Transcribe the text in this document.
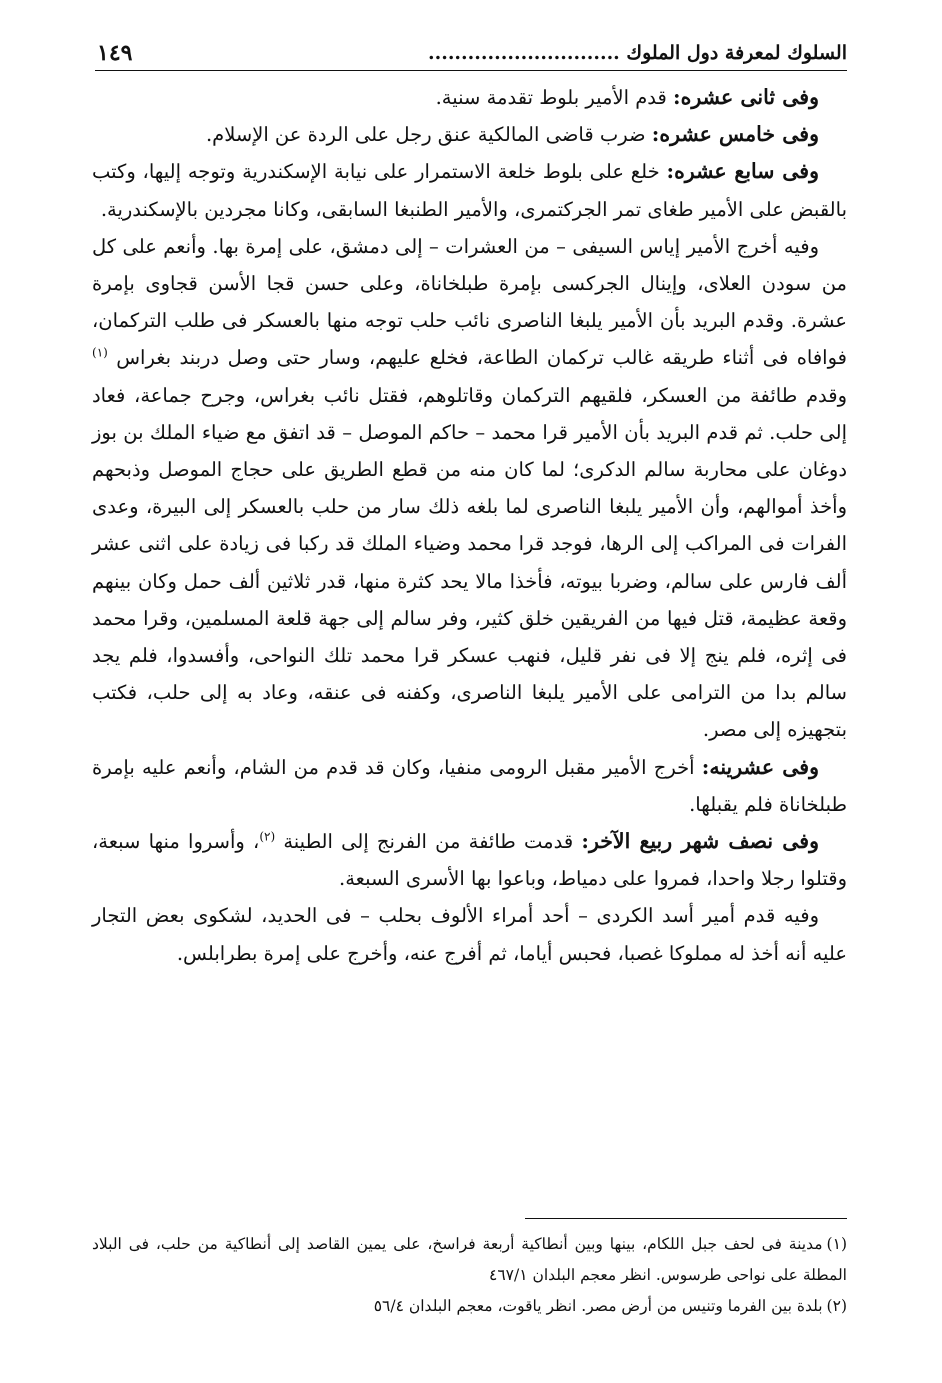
السلوك لمعرفة دول الملوك .............................
١٤٩

وفى ثانى عشره: قدم الأمير بلوط تقدمة سنية.

وفى خامس عشره: ضرب قاضى المالكية عنق رجل على الردة عن الإسلام.

وفى سابع عشره: خلع على بلوط خلعة الاستمرار على نيابة الإسكندرية وتوجه إليها، وكتب بالقبض على الأمير طغاى تمر الجركتمرى، والأمير الطنبغا السابقى، وكانا مجردين بالإسكندرية.

وفيه أخرج الأمير إياس السيفى – من العشرات – إلى دمشق، على إمرة بها. وأنعم على كل من سودن العلاى، وإينال الجركسى بإمرة طبلخاناة، وعلى حسن قجا الأسن قجاوى بإمرة عشرة. وقدم البريد بأن الأمير يلبغا الناصرى نائب حلب توجه منها بالعسكر فى طلب التركمان، فوافاه فى أثناء طريقه غالب تركمان الطاعة، فخلع عليهم، وسار حتى وصل دربند بغراس $^{(١)}$ وقدم طائفة من العسكر، فلقيهم التركمان وقاتلوهم، فقتل نائب بغراس، وجرح جماعة، فعاد إلى حلب. ثم قدم البريد بأن الأمير قرا محمد – حاكم الموصل – قد اتفق مع ضياء الملك بن بوز دوغان على محاربة سالم الدكرى؛ لما كان منه من قطع الطريق على حجاج الموصل وذبحهم وأخذ أموالهم، وأن الأمير يلبغا الناصرى لما بلغه ذلك سار من حلب بالعسكر إلى البيرة، وعدى الفرات فى المراكب إلى الرها، فوجد قرا محمد وضياء الملك قد ركبا فى زيادة على اثنى عشر ألف فارس على سالم، وضربا بيوته، فأخذا مالا يحد كثرة منها، قدر ثلاثين ألف حمل وكان بينهم وقعة عظيمة، قتل فيها من الفريقين خلق كثير، وفر سالم إلى جهة قلعة المسلمين، وقرا محمد فى إثره، فلم ينج إلا فى نفر قليل، فنهب عسكر قرا محمد تلك النواحى، وأفسدوا، فلم يجد سالم بدا من الترامى على الأمير يلبغا الناصرى، وكفنه فى عنقه، وعاد به إلى حلب، فكتب بتجهيزه إلى مصر.

وفى عشرينه: أخرج الأمير مقبل الرومى منفيا، وكان قد قدم من الشام، وأنعم عليه بإمرة طبلخاناة فلم يقبلها.

وفى نصف شهر ربيع الآخر: قدمت طائفة من الفرنج إلى الطينة $^{(٢)}$، وأسروا منها سبعة، وقتلوا رجلا واحدا، فمروا على دمياط، وباعوا بها الأسرى السبعة.

وفيه قدم أمير أسد الكردى – أحد أمراء الألوف بحلب – فى الحديد، لشكوى بعض التجار عليه أنه أخذ له مملوكا غصبا، فحبس أياما، ثم أفرج عنه، وأخرج على إمرة بطرابلس.

(١)مدينة فى لحف جبل اللكام، بينها وبين أنطاكية أربعة فراسخ، على يمين القاصد إلى أنطاكية من حلب، فى البلاد المطلة على نواحى طرسوس. انظر معجم البلدان ٤٦٧/١

(٢)بلدة بين الفرما وتنيس من أرض مصر. انظر ياقوت، معجم البلدان ٥٦/٤
